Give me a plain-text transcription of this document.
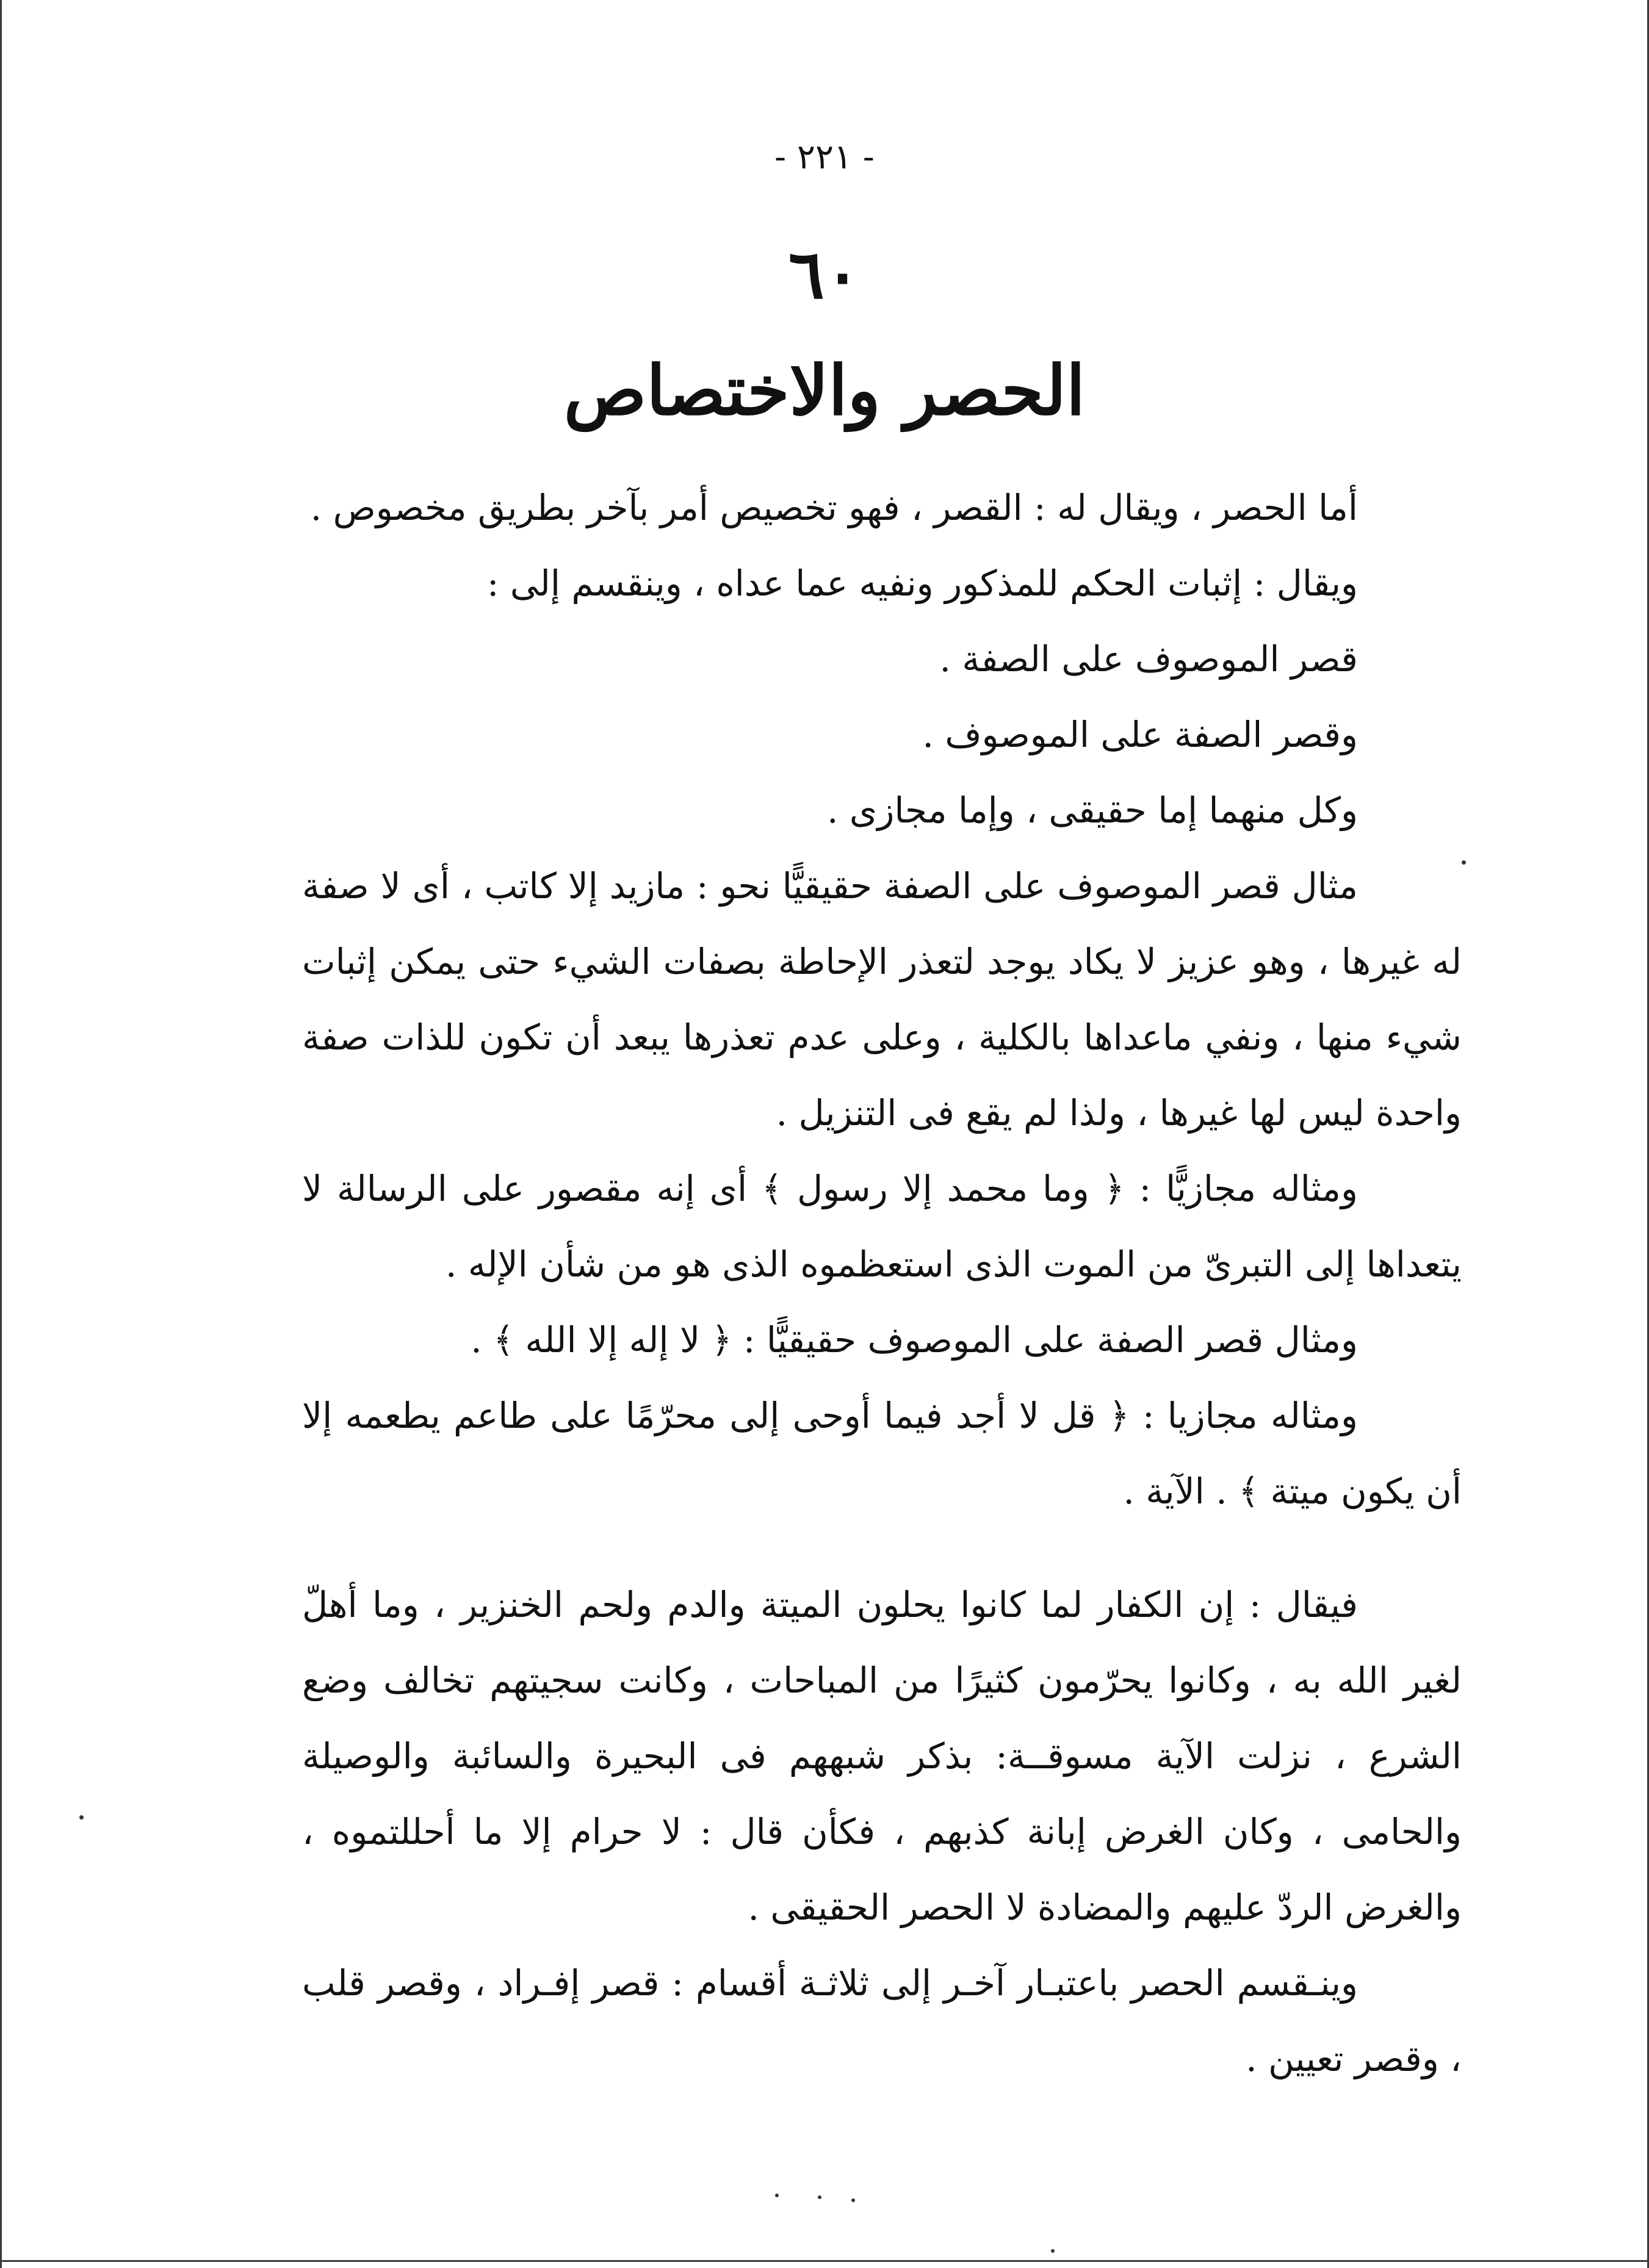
- ٢٢١ -
٦٠
الحصر والاختصاص

أما الحصر ، ويقال له : القصر ، فهو تخصيص أمر بآخر بطريق مخصوص .

ويقال : إثبات الحكم للمذكور ونفيه عما عداه ، وينقسم إلى :

قصر الموصوف على الصفة .

وقصر الصفة على الموصوف .

وكل منهما إما حقيقى ، وإما مجازى .

مثال قصر الموصوف على الصفة حقيقيًّا نحو : مازيد إلا كاتب ، أى لا صفة له غيرها ، وهو عزيز لا يكاد يوجد لتعذر الإحاطة بصفات الشيء حتى يمكن إثبات شيء منها ، ونفي ماعداها بالكلية ، وعلى عدم تعذرها يبعد أن تكون للذات صفة واحدة ليس لها غيرها ، ولذا لم يقع فى التنزيل .

ومثاله مجازيًّا : ﴿ وما محمد إلا رسول ﴾ أى إنه مقصور على الرسالة لا يتعداها إلى التبرىّ من الموت الذى استعظموه الذى هو من شأن الإله .

ومثال قصر الصفة على الموصوف حقيقيًّا : ﴿ لا إله إلا الله ﴾ .

ومثاله مجازيا : ﴿ قل لا أجد فيما أوحى إلى محرّمًا على طاعم يطعمه إلا أن يكون ميتة ﴾ . الآية .

فيقال : إن الكفار لما كانوا يحلون الميتة والدم ولحم الخنزير ، وما أهلّ لغير الله به ، وكانوا يحرّمون كثيرًا من المباحات ، وكانت سجيتهم تخالف وضع الشرع ، نزلت الآية مسوقــة: بذكر شبههم فى البحيرة والسائبة والوصيلة والحامى ، وكان الغرض إبانة كذبهم ، فكأن قال : لا حرام إلا ما أحللتموه ، والغرض الردّ عليهم والمضادة لا الحصر الحقيقى .

وينـقسم الحصر باعتبـار آخـر إلى ثلاثـة أقسام : قصر إفـراد ، وقصر قلب ، وقصر تعيين .
